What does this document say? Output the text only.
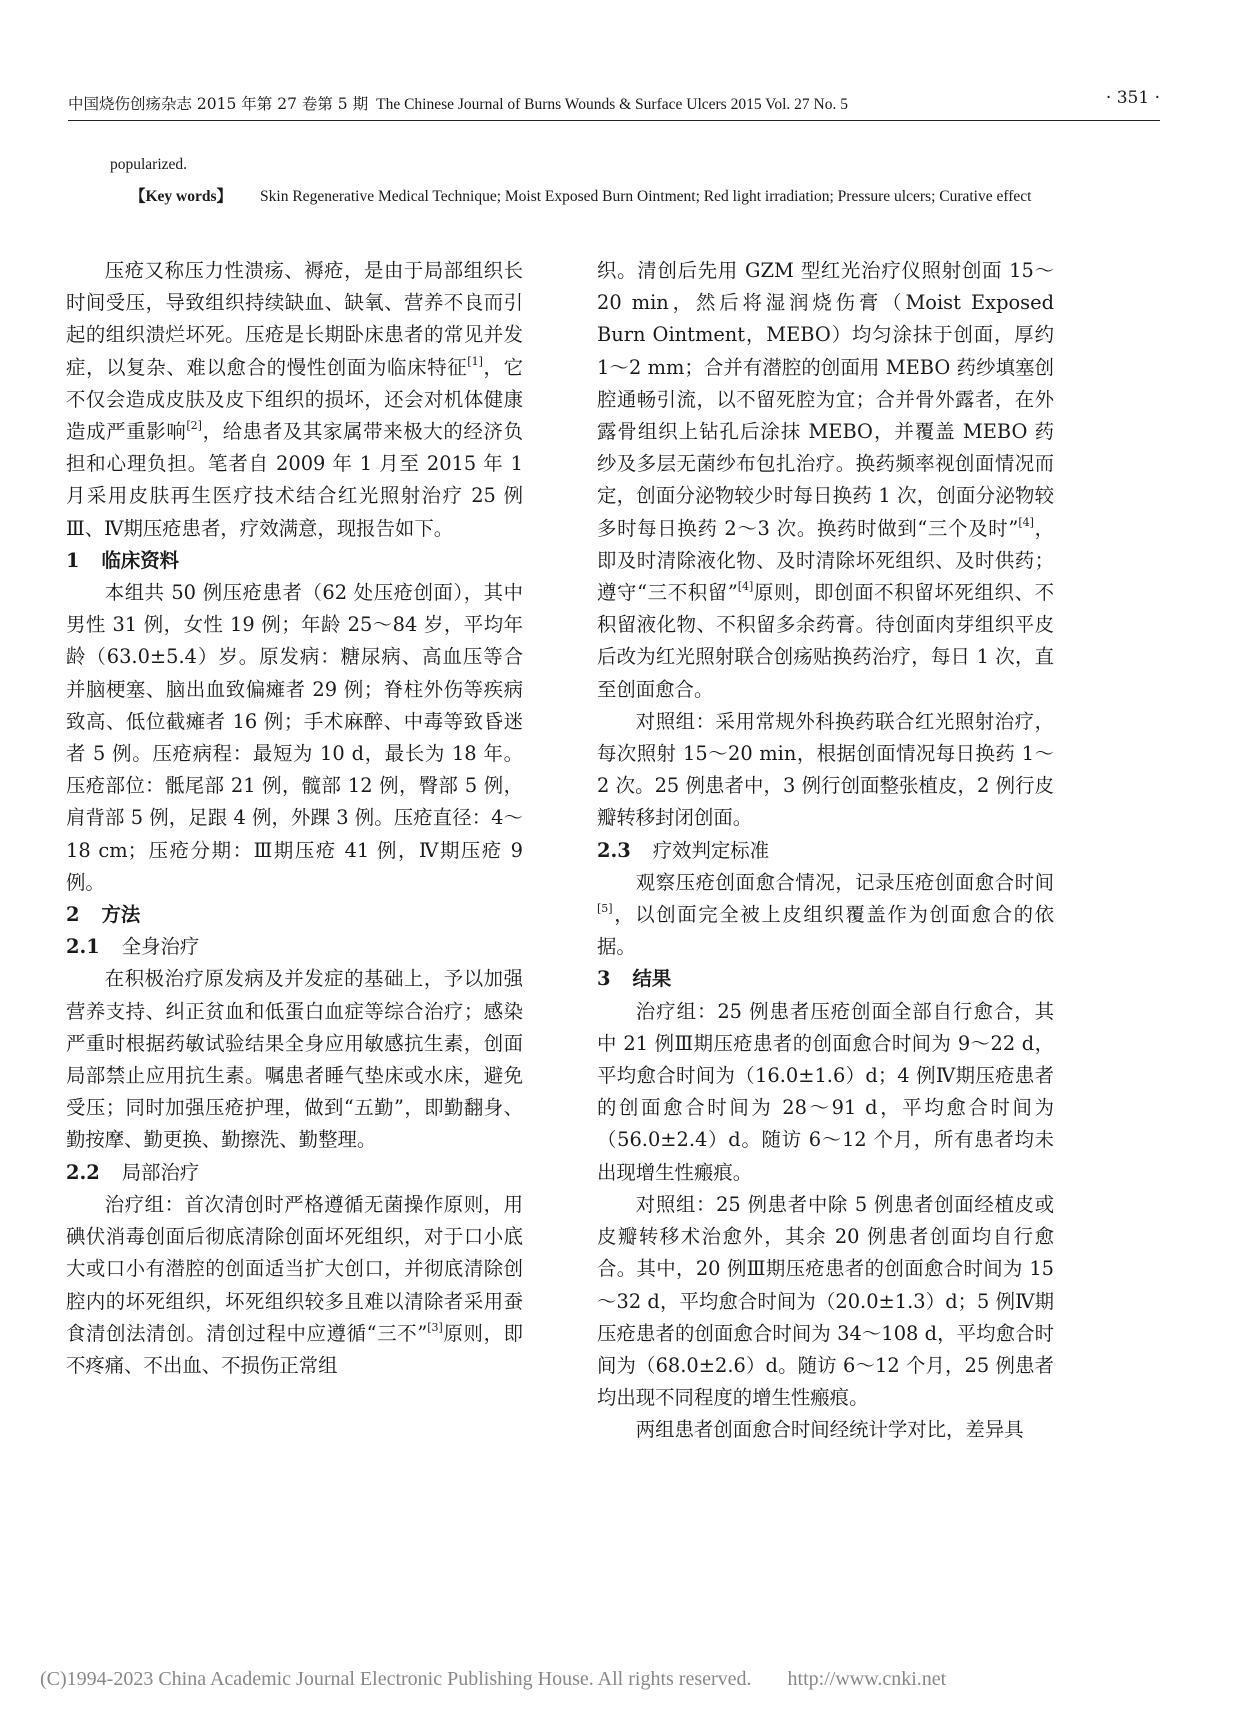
中国烧伤创疡杂志 2015 年第 27 卷第 5 期 The Chinese Journal of Burns Wounds & Surface Ulcers 2015 Vol. 27 No. 5	· 351 ·
popularized.
【Key words】 Skin Regenerative Medical Technique; Moist Exposed Burn Ointment; Red light irradiation; Pressure ulcers; Curative effect

压疮又称压力性溃疡、褥疮，是由于局部组织长时间受压，导致组织持续缺血、缺氧、营养不良而引起的组织溃烂坏死。压疮是长期卧床患者的常见并发症，以复杂、难以愈合的慢性创面为临床特征[1]，它不仅会造成皮肤及皮下组织的损坏，还会对机体健康造成严重影响[2]，给患者及其家属带来极大的经济负担和心理负担。笔者自 2009 年 1 月至 2015 年 1 月采用皮肤再生医疗技术结合红光照射治疗 25 例Ⅲ、Ⅳ期压疮患者，疗效满意，现报告如下。

1 临床资料

本组共 50 例压疮患者（62 处压疮创面），其中男性 31 例，女性 19 例；年龄 25～84 岁，平均年龄（63.0±5.4）岁。原发病：糖尿病、高血压等合并脑梗塞、脑出血致偏瘫者 29 例；脊柱外伤等疾病致高、低位截瘫者 16 例；手术麻醉、中毒等致昏迷者 5 例。压疮病程：最短为 10 d，最长为 18 年。压疮部位：骶尾部 21 例，髋部 12 例，臀部 5 例，肩背部 5 例，足跟 4 例，外踝 3 例。压疮直径：4～18 cm；压疮分期：Ⅲ期压疮 41 例，Ⅳ期压疮 9 例。

2 方法

2.1 全身治疗

在积极治疗原发病及并发症的基础上，予以加强营养支持、纠正贫血和低蛋白血症等综合治疗；感染严重时根据药敏试验结果全身应用敏感抗生素，创面局部禁止应用抗生素。嘱患者睡气垫床或水床，避免受压；同时加强压疮护理，做到“五勤”，即勤翻身、勤按摩、勤更换、勤擦洗、勤整理。

2.2 局部治疗

治疗组：首次清创时严格遵循无菌操作原则，用碘伏消毒创面后彻底清除创面坏死组织，对于口小底大或口小有潜腔的创面适当扩大创口，并彻底清除创腔内的坏死组织，坏死组织较多且难以清除者采用蚕食清创法清创。清创过程中应遵循“三不”[3]原则，即不疼痛、不出血、不损伤正常组

织。清创后先用 GZM 型红光治疗仪照射创面 15～20 min，然后将湿润烧伤膏（Moist Exposed Burn Ointment，MEBO）均匀涂抹于创面，厚约 1～2 mm；合并有潜腔的创面用 MEBO 药纱填塞创腔通畅引流，以不留死腔为宜；合并骨外露者，在外露骨组织上钻孔后涂抹 MEBO，并覆盖 MEBO 药纱及多层无菌纱布包扎治疗。换药频率视创面情况而定，创面分泌物较少时每日换药 1 次，创面分泌物较多时每日换药 2～3 次。换药时做到“三个及时”[4]，即及时清除液化物、及时清除坏死组织、及时供药；遵守“三不积留”[4]原则，即创面不积留坏死组织、不积留液化物、不积留多余药膏。待创面肉芽组织平皮后改为红光照射联合创疡贴换药治疗，每日 1 次，直至创面愈合。

对照组：采用常规外科换药联合红光照射治疗，每次照射 15～20 min，根据创面情况每日换药 1～2 次。25 例患者中，3 例行创面整张植皮，2 例行皮瓣转移封闭创面。

2.3 疗效判定标准

观察压疮创面愈合情况，记录压疮创面愈合时间[5]，以创面完全被上皮组织覆盖作为创面愈合的依据。

3 结果

治疗组：25 例患者压疮创面全部自行愈合，其中 21 例Ⅲ期压疮患者的创面愈合时间为 9～22 d，平均愈合时间为（16.0±1.6）d；4 例Ⅳ期压疮患者的创面愈合时间为 28～91 d，平均愈合时间为（56.0±2.4）d。随访 6～12 个月，所有患者均未出现增生性瘢痕。

对照组：25 例患者中除 5 例患者创面经植皮或皮瓣转移术治愈外，其余 20 例患者创面均自行愈合。其中，20 例Ⅲ期压疮患者的创面愈合时间为 15～32 d，平均愈合时间为（20.0±1.3）d；5 例Ⅳ期压疮患者的创面愈合时间为 34～108 d，平均愈合时间为（68.0±2.6）d。随访 6～12 个月，25 例患者均出现不同程度的增生性瘢痕。

两组患者创面愈合时间经统计学对比，差异具

(C)1994-2023 China Academic Journal Electronic Publishing House. All rights reserved. http://www.cnki.net
